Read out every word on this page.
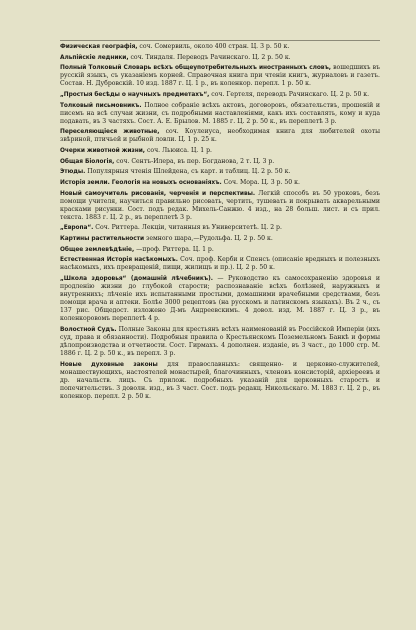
Физическая географія, соч. Сомервиль, около 400 стран. Ц. 3 р. 50 к.

Альпійскіе ледники, соч. Тиндаля. Переводъ Рачинскаго. Ц. 2 р. 50 к.

Полный Толковый Словарь всѣхъ общеупотребительныхъ иностранныхъ словъ, вошедшихъ въ русскій языкъ, съ указаніемъ корней. Справочная книга при чтеніи книгъ, журналовъ и газетъ. Состав. Н. Дубровскій. 10 изд. 1887 г. Ц. 1 р., въ коленкор. перепл. 1 р. 50 к.

„Простыя бесѣды о научныхъ предметахъ“, соч. Гертеля, переводъ Рачинскаго. Ц. 2 р. 50 к.

Толковый письмовникъ. Полное собраніе всѣхъ актовъ, договоровъ, обязательствъ, прошеній и писемъ на всѣ случаи жизни, съ подробными наставленіями, какъ ихъ составлять, кому и куда подавать, въ 3 частяхъ. Сост. А. Е. Брылов. М. 1885 г. Ц. 2 р. 50 к., въ переплетѣ 3 р.

Переселяющіеся животные, соч. Коулеиуса, необходимая книга для любителей охоты звѣриной, птичьей и рыбной ловли. Ц. 1 р. 25 к.

Очерки животной жизни, соч. Льюиса. Ц. 1 р.

Общая Біологія, соч. Сентъ-Илера, въ пер. Богданова, 2 т. Ц. 3 р.

Этюды. Популярныя чтенія Шлейдена, съ карт. и таблиц. Ц. 2 р. 50 к.

Исторія земли. Геологія на новыхъ основаніяхъ. Соч. Мора. Ц. 3 р. 50 к.

Новый самоучитель рисованія, черченія и перспективы. Легкій способъ въ 50 уроковъ, безъ помощи учителя, научиться правильно рисовать, чертить, тушевать и покрывать акварельными красками рисунки. Сост. подъ редак. Михель-Санжю. 4 изд., на 28 больш. лист. и съ прил. текста. 1883 г. Ц. 2 р., въ переплетѣ 3 р.

„Европа“. Соч. Риттера. Лекціи, читанныя въ Университетѣ. Ц. 2 р.

Картины растительности земного шара,—Рудольфа. Ц. 2 р. 50 к.

Общее землевѣдѣніе, —проф. Риттера. Ц. 1 р.

Естественная Исторія насѣкомыхъ. Соч. проф. Керби и Спенсъ (описаніе вредныхъ и полезныхъ насѣкомыхъ, ихъ превращеній, пищи, жилищъ и пр.). Ц. 2 р. 50 к.

„Школа здоровья“ (домашній лѣчебникъ). — Руководство къ самосохраненію здоровья и продленію жизни до глубокой старости; распознаваніе всѣхъ болѣзней, наружныхъ и внутреннихъ; лѣченіе ихъ испытанными простыми, домашними врачебными средствами, безъ помощи врача и аптеки. Болѣе 3000 рецептовъ (на русскомъ и латинскомъ языкахъ). Въ 2 ч., съ 137 рис. Общедост. изложено Д-мъ Андреевскимъ. 4 довол. изд. М. 1887 г. Ц. 3 р., въ коленкоровомъ переплетѣ 4 р.

Волостной Судъ. Полные Законы для крестьянъ всѣхъ наименованій въ Россійской Имперіи (ихъ суд, права и обязанности). Подробныя правила о Крестьянскомъ Поземельномъ Банкѣ и формы дѣлопроизводства и отчетности. Сост. Гирмахъ. 4 дополнен. изданіе, въ 3 част., до 1000 стр. М. 1886 г. Ц. 2 р. 50 к., въ перепл. 3 р.

Новые духовные законы для православныхъ: священно- и церковно-служителей, монашествующихъ, настоятелей монастырей, благочинныхъ, членовъ консисторій, архіереевъ и др. начальств. лицъ. Съ прилож. подробныхъ указаній для церковныхъ старостъ и попечительствъ. 3 доволн. изд., въ 3 част. Сост. подъ редакц. Никольскаго. М. 1883 г. Ц. 2 р., въ коленкор. перепл. 2 р. 50 к.
